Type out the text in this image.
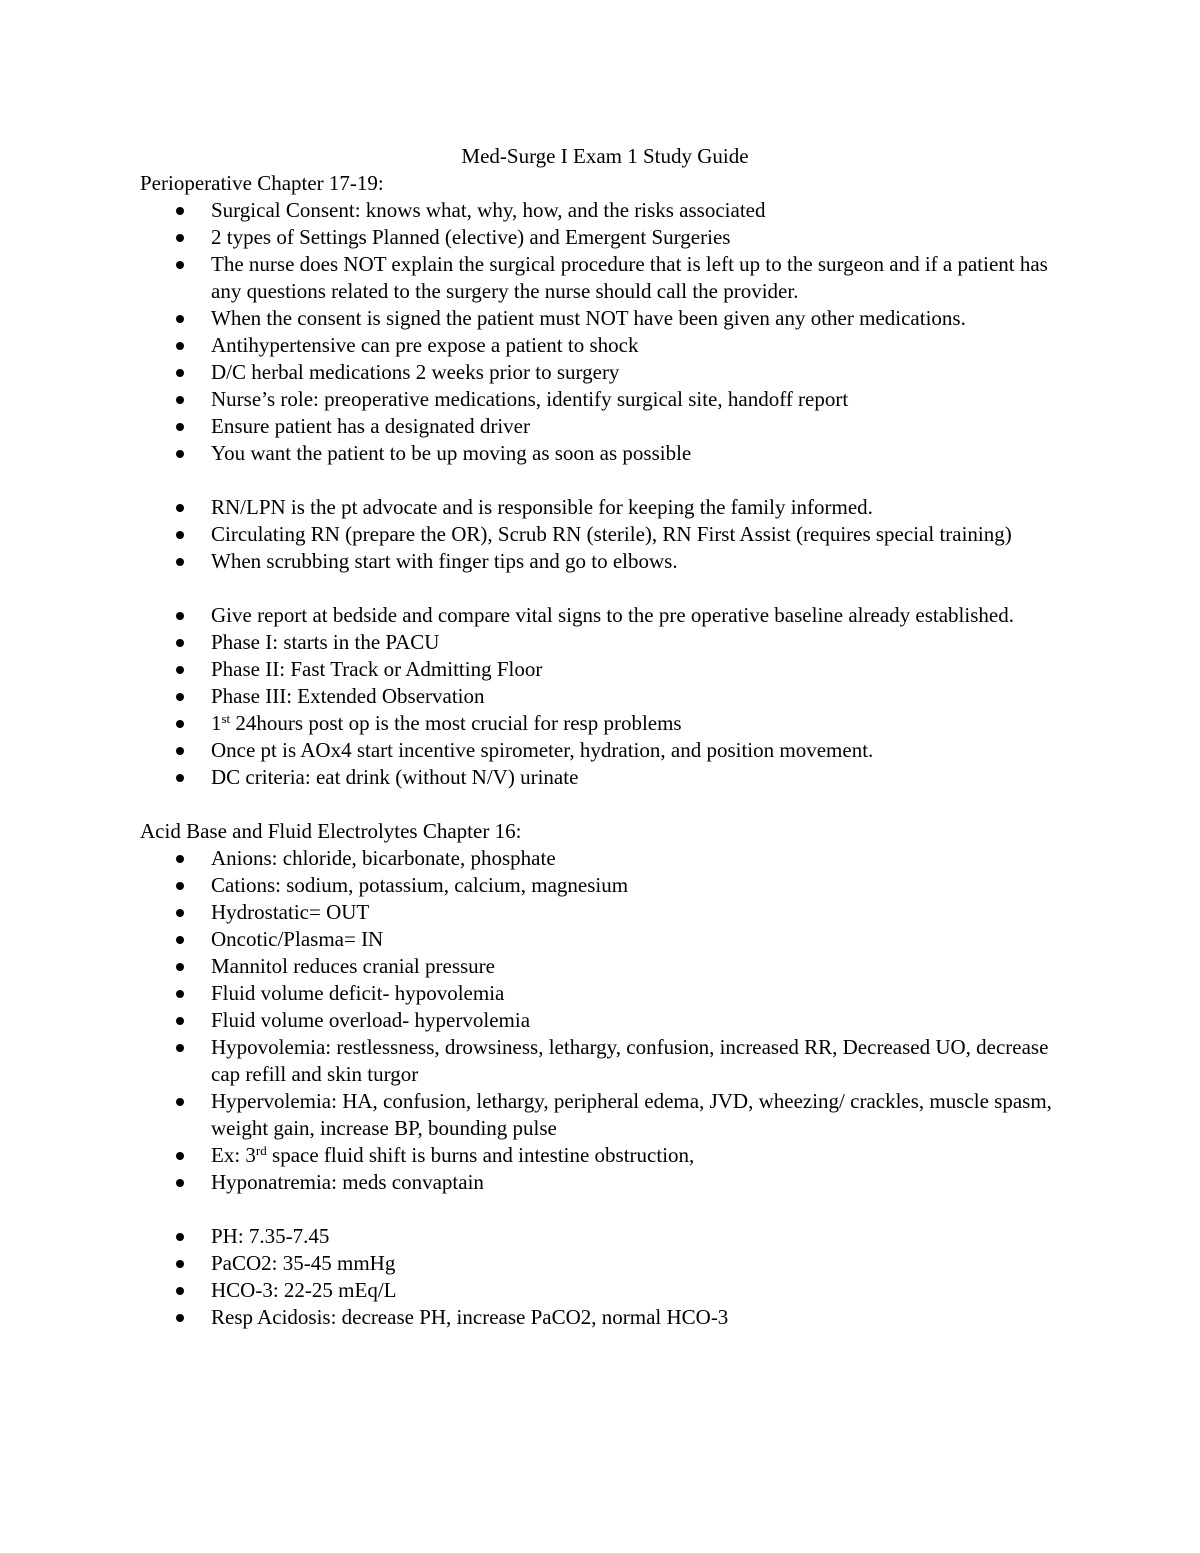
Med-Surge I Exam 1 Study Guide

Perioperative Chapter 17-19:

Surgical Consent: knows what, why, how, and the risks associated
2 types of Settings Planned (elective) and Emergent Surgeries
The nurse does NOT explain the surgical procedure that is left up to the surgeon and if a patient has any questions related to the surgery the nurse should call the provider.
When the consent is signed the patient must NOT have been given any other medications.
Antihypertensive can pre expose a patient to shock
D/C herbal medications 2 weeks prior to surgery
Nurse’s role: preoperative medications, identify surgical site, handoff report
Ensure patient has a designated driver
You want the patient to be up moving as soon as possible
RN/LPN is the pt advocate and is responsible for keeping the family informed.
Circulating RN (prepare the OR), Scrub RN (sterile), RN First Assist (requires special training)
When scrubbing start with finger tips and go to elbows.
Give report at bedside and compare vital signs to the pre operative baseline already established.
Phase I: starts in the PACU
Phase II: Fast Track or Admitting Floor
Phase III: Extended Observation
1st 24hours post op is the most crucial for resp problems
Once pt is AOx4 start incentive spirometer, hydration, and position movement.
DC criteria: eat drink (without N/V) urinate

Acid Base and Fluid Electrolytes Chapter 16:

Anions: chloride, bicarbonate, phosphate
Cations: sodium, potassium, calcium, magnesium
Hydrostatic= OUT
Oncotic/Plasma= IN
Mannitol reduces cranial pressure
Fluid volume deficit- hypovolemia
Fluid volume overload- hypervolemia
Hypovolemia: restlessness, drowsiness, lethargy, confusion, increased RR, Decreased UO, decrease cap refill and skin turgor
Hypervolemia: HA, confusion, lethargy, peripheral edema, JVD, wheezing/ crackles, muscle spasm, weight gain, increase BP, bounding pulse
Ex: 3rd space fluid shift is burns and intestine obstruction,
Hyponatremia: meds convaptain
PH: 7.35-7.45
PaCO2: 35-45 mmHg
HCO-3: 22-25 mEq/L
Resp Acidosis: decrease PH, increase PaCO2, normal HCO-3
